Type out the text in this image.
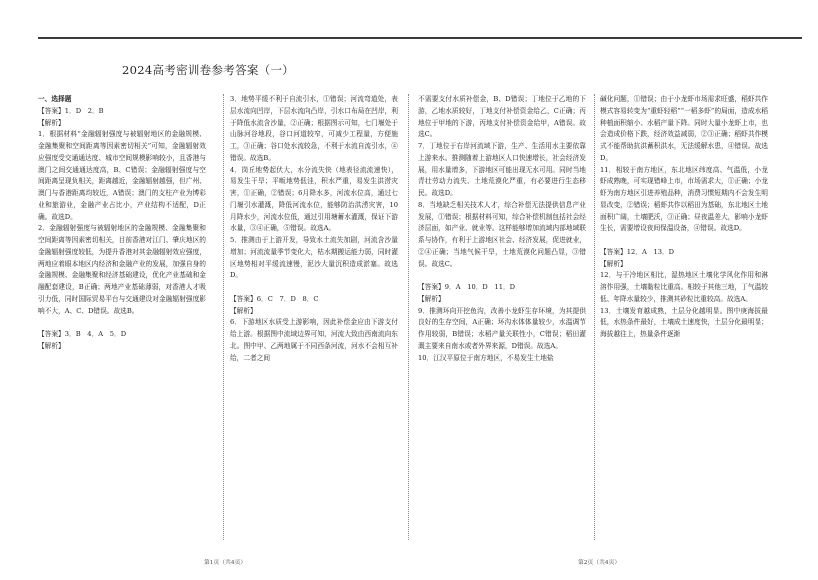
2024高考密训卷参考答案（一）

一、选择题

【答案】1．D　2．B

【解析】

1．根据材料“金融辐射强度与被辐射地区的金融规模、金融集聚和空间距离等因素密切相关”可知，金融辐射效应强度受交通通达度、城市空间规模影响较小，且香港与澳门之间交通通达度高，B、C错误；金融辐射强度与空间距离呈现负相关，距离越近，金融辐射越强，但广州、澳门与香港距离均较近，A错误；澳门的支柱产业为博彩业和旅游业，金融产业占比小，产业结构不适配，D正确。故选D。

2．金融辐射强度与被辐射地区的金融规模、金融集聚和空间距离等因素密切相关，目前香港对江门、肇庆地区的金融辐射强度较低，为提升香港对其金融辐射效应强度，两地应着眼本地区内经济和金融产业的发展，加强自身的金融规模、金融集聚和经济基础建设，优化产业基础和金融配套建设，B正确；两地产业基础薄弱，对香港人才吸引力低，同时国际贸易平台与交通建设对金融辐射强度影响不大，A、C、D错误。故选B。

【答案】3．B　4．A　5．D

【解析】

3．地势平缓不利于自流引水，①错误；河流弯道处，表层水流向凹岸，下层水流向凸岸，引水口布局在凹岸，利于降低水流含沙量，②正确；根据图示可知，七门堰处于山脉河谷地段，谷口河道较窄，可减少工程量，方便施工，③正确；谷口处水流较急，不利于水流自流引水，④错误。故选B。

4．岗丘地势起伏大，水分流失快（地表径流流速快），易发生干旱；平畈地势低洼，积水严重，易发生洪涝灾害，①正确，②错误；6月降水多，河流水位高，通过七门堰引水灌溉，降低河流水位，能够防治洪涝灾害，10月降水少，河流水位低，通过引用塘蓄水灌溉，保证下游水量，③④正确，⑤错误。故选A。

5．推测由于上游开发，导致水土流失加剧，河流含沙量增加；河流流量季节变化大，枯水期搬运能力弱，同时灌区地势相对平缓流速慢，泥沙大量沉积造成淤塞。故选D。

【答案】6．C　7．D　8．C

【解析】

6．下游地区水质受上游影响，因此补偿金应由下游支付给上游。根据图中流域边界可知，河流大致由西南流向东北。图中甲、乙两地属于不同西条河流，河水不会相互补给，二者之间

不需要支付水质补偿金，B、D错误；丁地位于乙地的下游，乙地水质较好，丁地支付补偿资金给乙，C正确；丙地位于甲地的下游，丙地支付补偿资金给甲，A错误。故选C。

7．丁地位于右岸河流域下游，生产、生活用水主要依靠上游来水。推测随着上游地区人口快速增长，社会经济发展，用水量增多，下游地区可能出现无水可用。同时当地青壮劳动力流失、土地荒漠化严重，有必要进行生态移民。故选D。

8．当地缺乏相关技术人才，综合补偿无法提供信息产业发展，①错误；根据材料可知，综合补偿机制包括社会经济层面，如产业、就业等。这样能够增加流域内部地域联系与协作，有利于上游地区社会、经济发展，促进就业，②④正确；当地气候干旱，土地荒漠化问题凸显，③错误。故选C。

【答案】9．A　10．D　11．D

【解析】

9．推测环向开挖鱼沟，改善小龙虾生存环境，为其提供良好的生存空间，A正确；环沟水体体量较少，水温调节作用较弱，B错误；水稻产量关联性小，C错误；稻田灌溉主要来自南水或者外界来源，D错误。故选A。

10．江汉平原位于南方地区，不易发生土地盐

碱化问题，①错误；由于小龙虾市场需求旺盛，稻虾共作模式容易转变为“重虾轻稻”“一稻多虾”的局面，造成水稻种植面积缩小、水稻产量下降。同时大量小龙虾上市，也会造成价格下跌，经济效益减弱，②③正确；稻虾共作模式不能帮助抗洪蓄积洪水，无法缓解水患，④错误。故选D。

11．相较于南方地区，东北地区纬度高、气温低，小龙虾成熟晚，可实现错峰上市，市场需求大，①正确；小龙虾为南方地区引进养殖品种，消费习惯短期内不会发生明显改变，②错误；稻虾共作以稻田为基础，东北地区土地面积广阔，土壤肥沃，③正确；昼夜温差大，影响小龙虾生长，需要增设夜间保温设备，④错误。故选D。

【答案】12．A　13．D

【解析】

12．与干冷地区相比，湿热地区土壤化学风化作用和淋溶作用强，土壤黏粒比重高。相较于其他三地，丁气温较低、年降水量较少，推测其砂粒比重较高。故选A。

13．土壤发育越成熟，土层分化越明显。图中庚海拔最低，水热条件最好，土壤成土速度快，土层分化最明显；海拔越往上，热量条件逐渐

第1页（共4页）	第2页（共4页）
